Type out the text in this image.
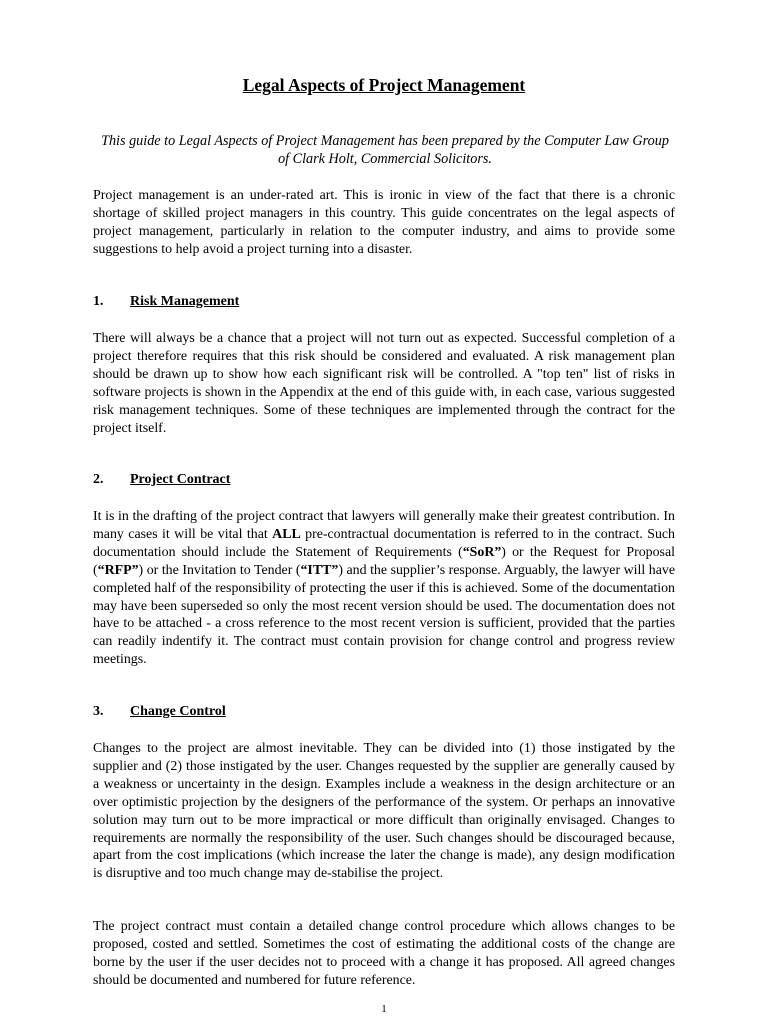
Legal Aspects of Project Management

This guide to Legal Aspects of Project Management has been prepared by the Computer Law Group of Clark Holt, Commercial Solicitors.

Project management is an under-rated art. This is ironic in view of the fact that there is a chronic shortage of skilled project managers in this country. This guide concentrates on the legal aspects of project management, particularly in relation to the computer industry, and aims to provide some suggestions to help avoid a project turning into a disaster.

1. Risk Management

There will always be a chance that a project will not turn out as expected. Successful completion of a project therefore requires that this risk should be considered and evaluated. A risk management plan should be drawn up to show how each significant risk will be controlled. A "top ten" list of risks in software projects is shown in the Appendix at the end of this guide with, in each case, various suggested risk management techniques. Some of these techniques are implemented through the contract for the project itself.

2. Project Contract

It is in the drafting of the project contract that lawyers will generally make their greatest contribution. In many cases it will be vital that ALL pre-contractual documentation is referred to in the contract. Such documentation should include the Statement of Requirements (“SoR”) or the Request for Proposal (“RFP”) or the Invitation to Tender (“ITT”) and the supplier’s response. Arguably, the lawyer will have completed half of the responsibility of protecting the user if this is achieved. Some of the documentation may have been superseded so only the most recent version should be used. The documentation does not have to be attached - a cross reference to the most recent version is sufficient, provided that the parties can readily indentify it. The contract must contain provision for change control and progress review meetings.

3. Change Control

Changes to the project are almost inevitable. They can be divided into (1) those instigated by the supplier and (2) those instigated by the user. Changes requested by the supplier are generally caused by a weakness or uncertainty in the design. Examples include a weakness in the design architecture or an over optimistic projection by the designers of the performance of the system. Or perhaps an innovative solution may turn out to be more impractical or more difficult than originally envisaged. Changes to requirements are normally the responsibility of the user. Such changes should be discouraged because, apart from the cost implications (which increase the later the change is made), any design modification is disruptive and too much change may de-stabilise the project.

The project contract must contain a detailed change control procedure which allows changes to be proposed, costed and settled. Sometimes the cost of estimating the additional costs of the change are borne by the user if the user decides not to proceed with a change it has proposed. All agreed changes should be documented and numbered for future reference.

1
